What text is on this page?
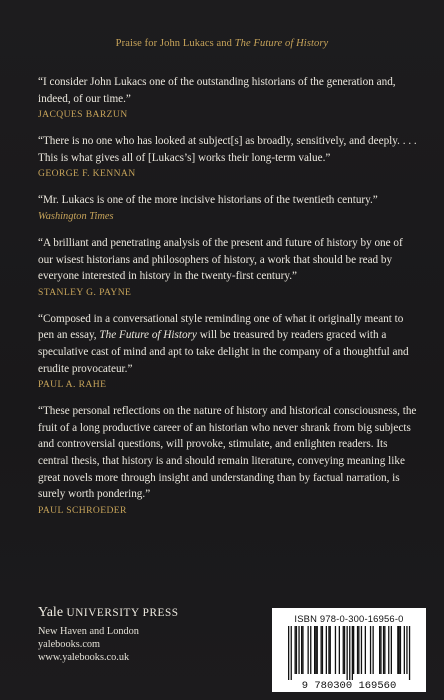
Praise for John Lukacs and The Future of History

“I consider John Lukacs one of the outstanding historians of the generation and, indeed, of our time.”

JACQUES BARZUN

“There is no one who has looked at subject[s] as broadly, sensitively, and deeply. . . . This is what gives all of [Lukacs’s] works their long-term value.”

GEORGE F. KENNAN

“Mr. Lukacs is one of the more incisive historians of the twentieth century.”

Washington Times

“A brilliant and penetrating analysis of the present and future of history by one of our wisest historians and philosophers of history, a work that should be read by everyone interested in history in the twenty-first century.”

STANLEY G. PAYNE

“Composed in a conversational style reminding one of what it originally meant to pen an essay, The Future of History will be treasured by readers graced with a speculative cast of mind and apt to take delight in the company of a thoughtful and erudite provocateur.”

PAUL A. RAHE

“These personal reflections on the nature of history and historical consciousness, the fruit of a long productive career of an historian who never shrank from big subjects and controversial questions, will provoke, stimulate, and enlighten readers. Its central thesis, that history is and should remain literature, conveying meaning like great novels more through insight and understanding than by factual narration, is surely worth pondering.”

PAUL SCHROEDER

Yale UNIVERSITY PRESS

New Haven and London

yalebooks.com

www.yalebooks.co.uk

ISBN 978-0-300-16956-0
9 780300 169560
